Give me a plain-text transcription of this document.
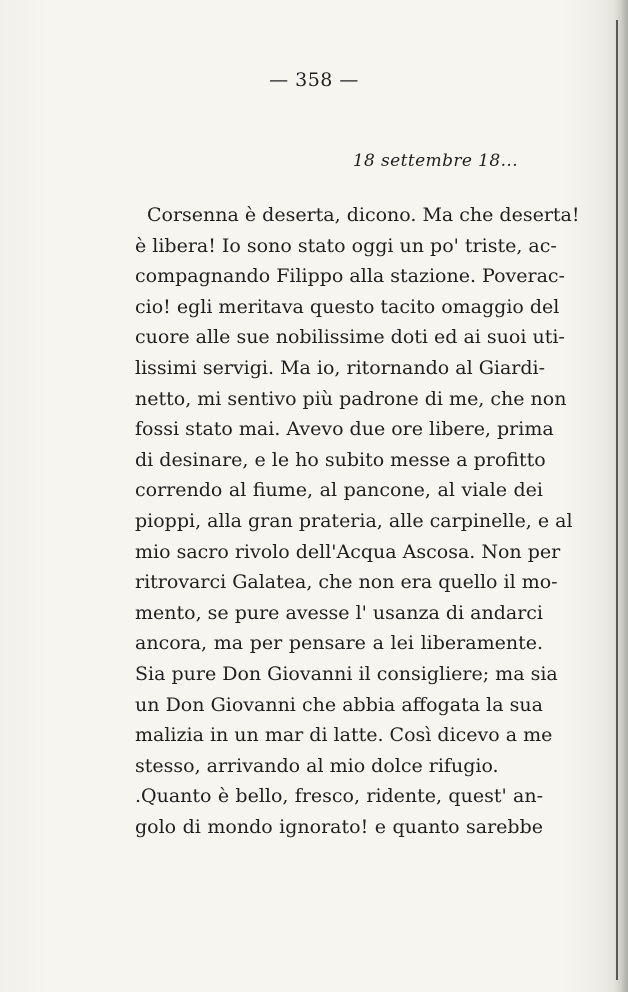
— 358 —
18 settembre 18...
Corsenna è deserta, dicono. Ma che deserta!
è libera! Io sono stato oggi un po' triste, ac-
compagnando Filippo alla stazione. Poverac-
cio! egli meritava questo tacito omaggio del
cuore alle sue nobilissime doti ed ai suoi uti-
lissimi servigi. Ma io, ritornando al Giardi-
netto, mi sentivo più padrone di me, che non
fossi stato mai. Avevo due ore libere, prima
di desinare, e le ho subito messe a profitto
correndo al fiume, al pancone, al viale dei
pioppi, alla gran prateria, alle carpinelle, e al
mio sacro rivolo dell'Acqua Ascosa. Non per
ritrovarci Galatea, che non era quello il mo-
mento, se pure avesse l' usanza di andarci
ancora, ma per pensare a lei liberamente.
Sia pure Don Giovanni il consigliere; ma sia
un Don Giovanni che abbia affogata la sua
malizia in un mar di latte. Così dicevo a me
stesso, arrivando al mio dolce rifugio.
.Quanto è bello, fresco, ridente, quest' an-
golo di mondo ignorato! e quanto sarebbe
